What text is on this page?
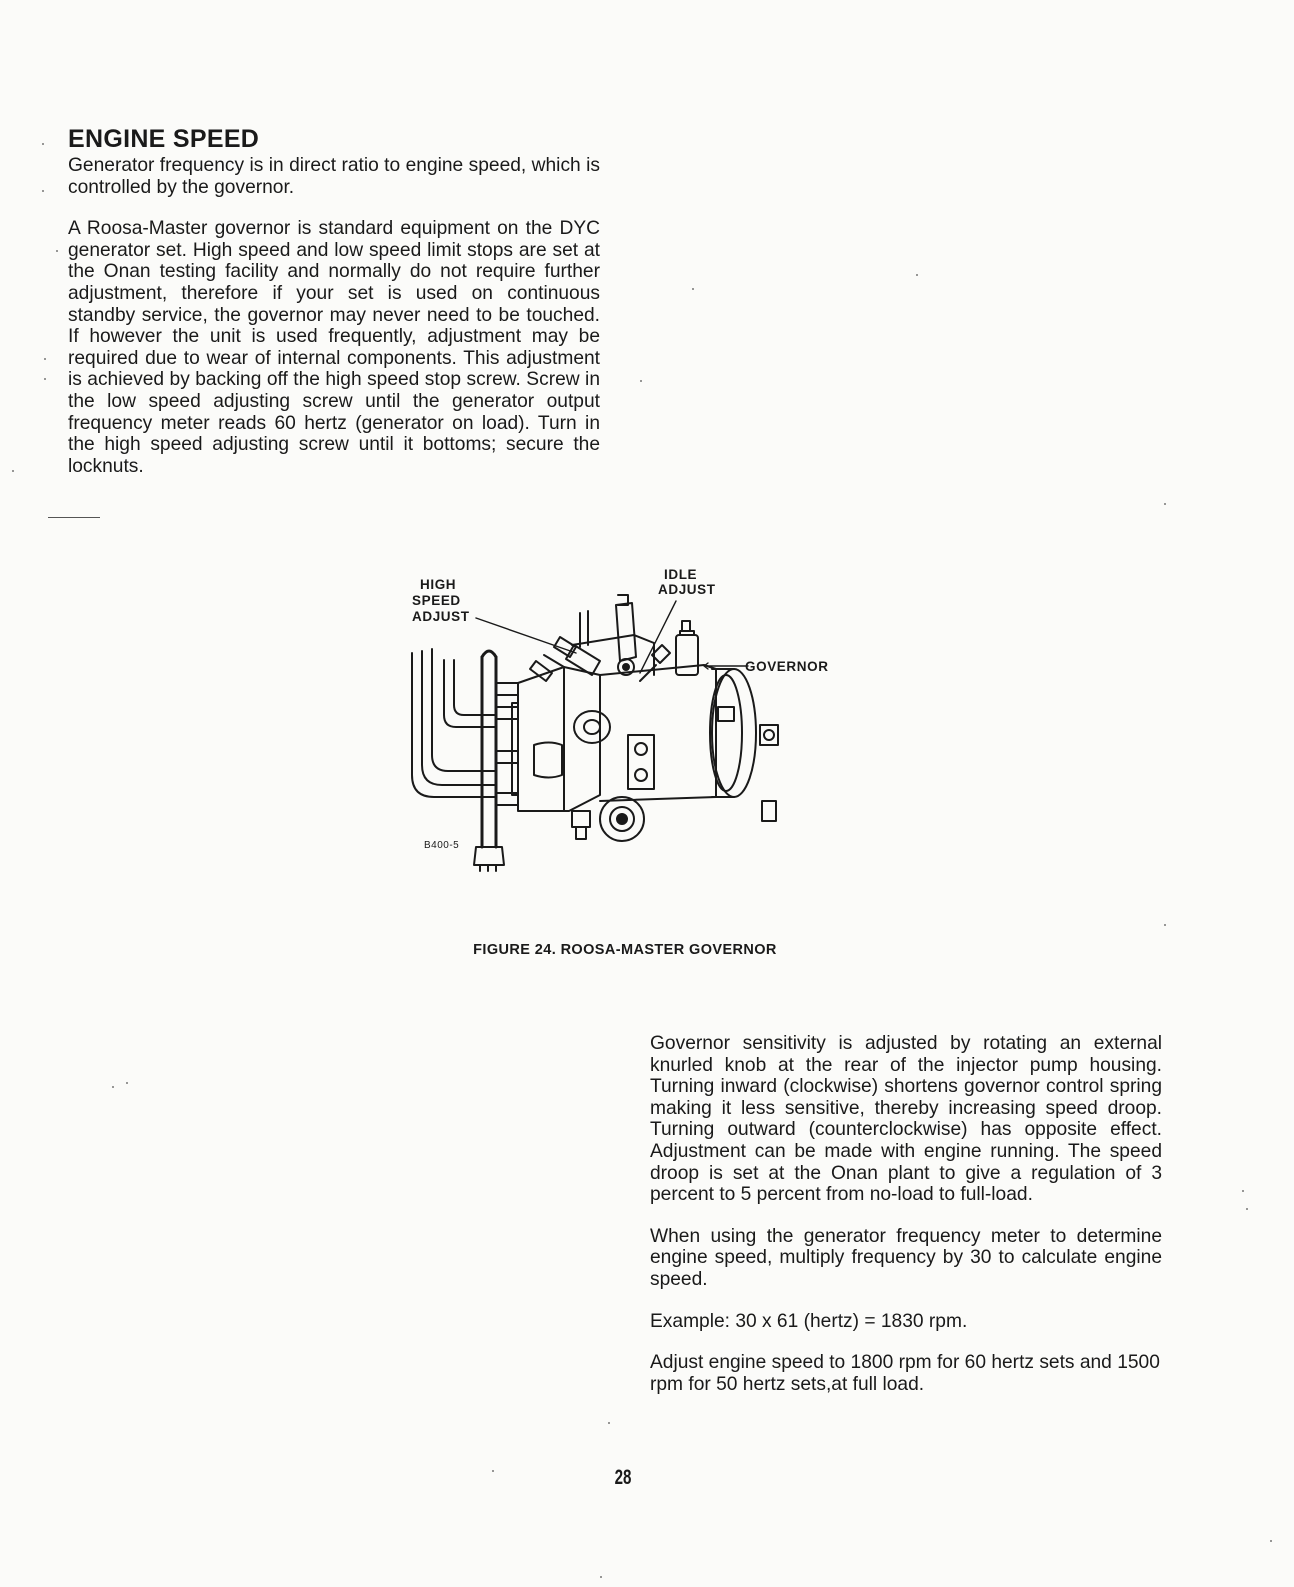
ENGINE SPEED

Generator frequency is in direct ratio to engine speed, which is controlled by the governor.

A Roosa-Master governor is standard equipment on the DYC generator set. High speed and low speed limit stops are set at the Onan testing facility and normally do not require further adjustment, therefore if your set is used on continuous standby service, the governor may never need to be touched. If however the unit is used frequently, adjustment may be required due to wear of internal components. This adjustment is achieved by backing off the high speed stop screw. Screw in the low speed adjusting screw until the generator output frequency meter reads 60 hertz (generator on load). Turn in the high speed adjusting screw until it bottoms; secure the locknuts.

HIGH
SPEED
ADJUST
IDLE
ADJUST
GOVERNOR
B400-5
FIGURE 24. ROOSA-MASTER GOVERNOR

Governor sensitivity is adjusted by rotating an external knurled knob at the rear of the injector pump housing. Turning inward (clockwise) shortens governor control spring making it less sensitive, thereby increasing speed droop. Turning outward (counterclockwise) has opposite effect. Adjustment can be made with engine running. The speed droop is set at the Onan plant to give a regulation of 3 percent to 5 percent from no-load to full-load.

When using the generator frequency meter to determine engine speed, multiply frequency by 30 to calculate engine speed.

Example: 30 x 61 (hertz) = 1830 rpm.

Adjust engine speed to 1800 rpm for 60 hertz sets and 1500 rpm for 50 hertz sets,at full load.

28
